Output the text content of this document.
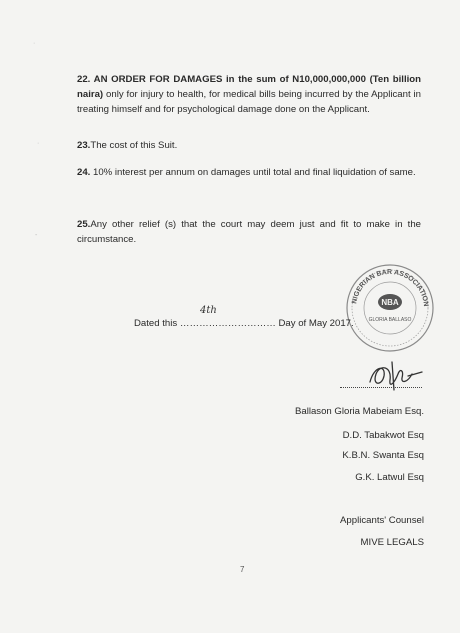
·
·
-
22. AN ORDER FOR DAMAGES in the sum of N10,000,000,000 (Ten billion naira) only for injury to health, for medical bills being incurred by the Applicant in treating himself and for psychological damage done on the Applicant.
23.The cost of this Suit.
24. 10% interest per annum on damages until total and final liquidation of same.
25.Any other relief (s) that the court may deem just and fit to make in the circumstance.
NIGERIAN BAR ASSOCIATION
NBA
GLORIA BALLASO
Dated this ………………………… Day of May 2017.
4th
Ballason Gloria Mabeiam Esq.
D.D. Tabakwot Esq
K.B.N. Swanta Esq
G.K. Latwul Esq
Applicants' Counsel
MIVE LEGALS
7
